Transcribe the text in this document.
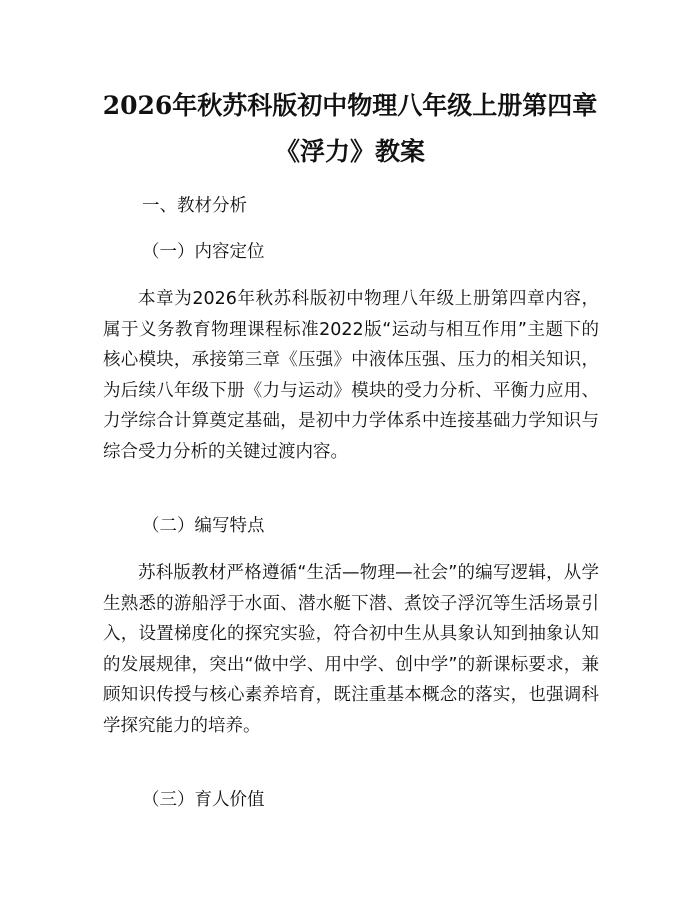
2026年秋苏科版初中物理八年级上册第四章
《浮力》教案
一、教材分析
（一）内容定位
本章为2026年秋苏科版初中物理八年级上册第四章内容，属于义务教育物理课程标准2022版“运动与相互作用”主题下的核心模块，承接第三章《压强》中液体压强、压力的相关知识，为后续八年级下册《力与运动》模块的受力分析、平衡力应用、力学综合计算奠定基础，是初中力学体系中连接基础力学知识与综合受力分析的关键过渡内容。
（二）编写特点
苏科版教材严格遵循“生活—物理—社会”的编写逻辑，从学生熟悉的游船浮于水面、潜水艇下潜、煮饺子浮沉等生活场景引入，设置梯度化的探究实验，符合初中生从具象认知到抽象认知的发展规律，突出“做中学、用中学、创中学”的新课标要求，兼顾知识传授与核心素养培育，既注重基本概念的落实，也强调科学探究能力的培养。
（三）育人价值
